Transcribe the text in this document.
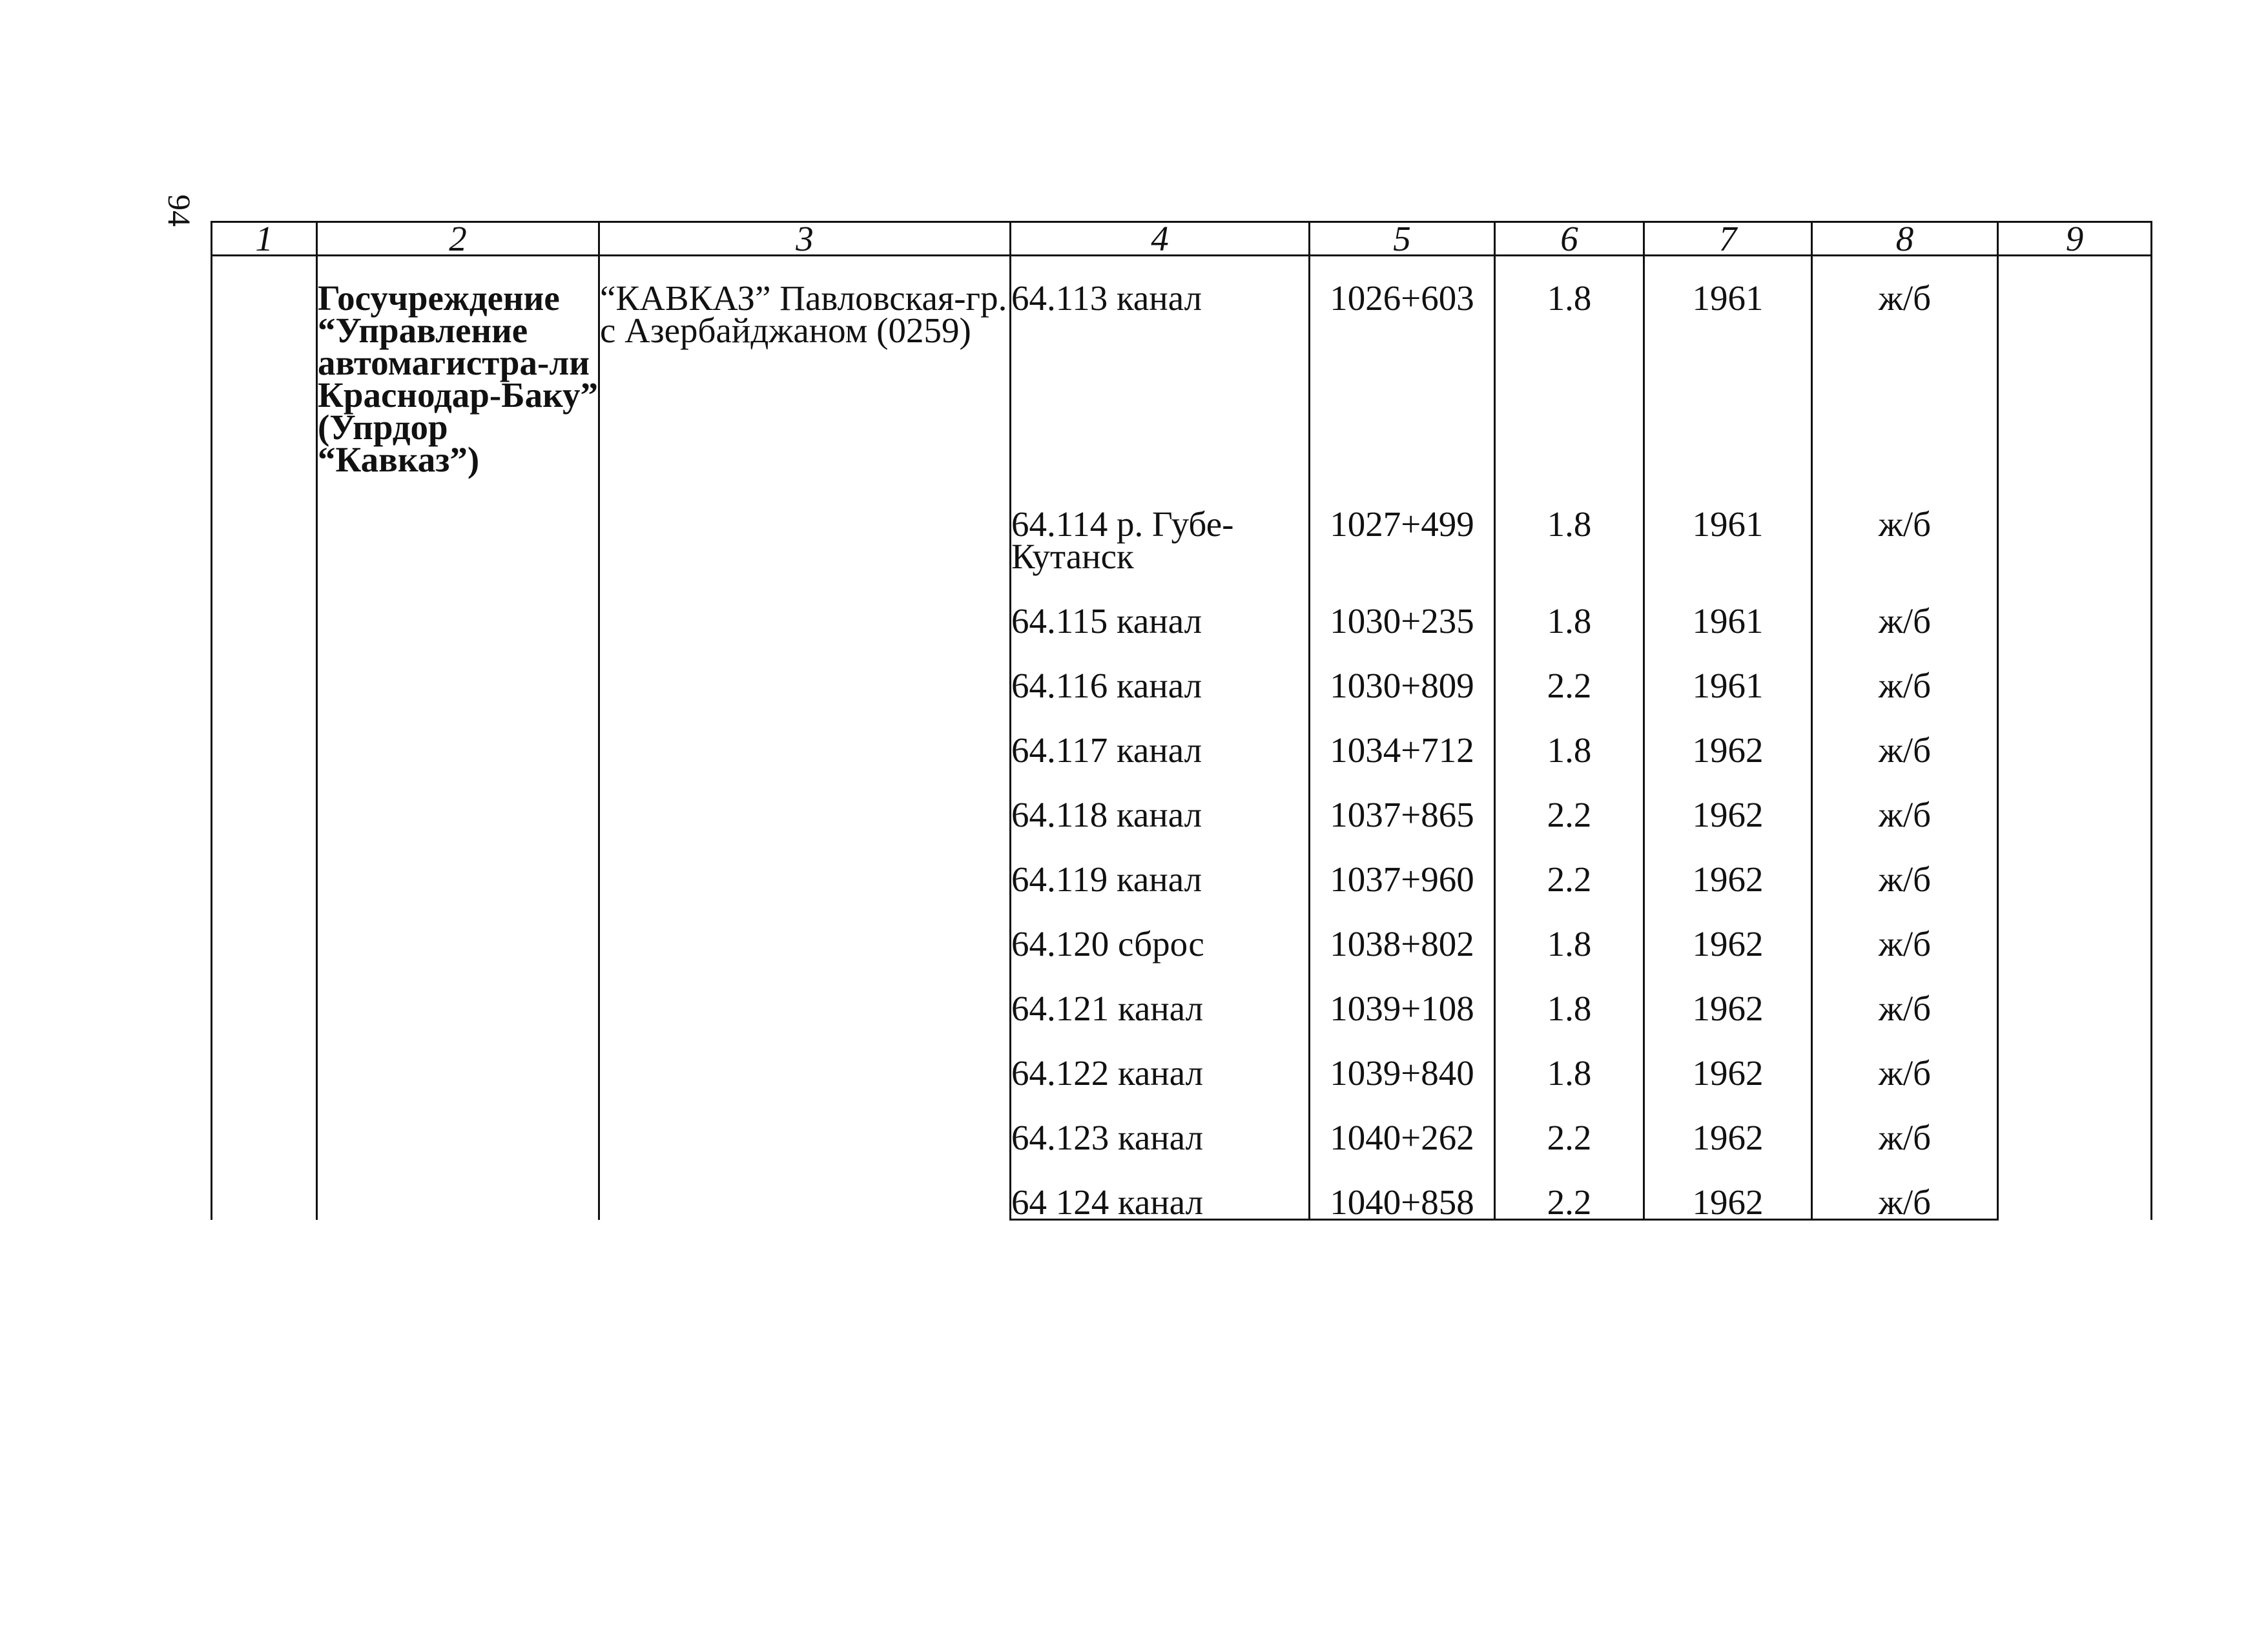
94
1	2	3	4	5	6	7	8	9

	Госучреждение “Управление автомагистра-ли Краснодар-Баку” (Упрдор “Кавказ”)	“КАВКАЗ” Павловская-гр. с Азербайджаном (0259)	64.113 канал	1026+603	1.8	1961	ж/б	
			64.114 р. Губе-Кутанск	1027+499	1.8	1961	ж/б	
			64.115 канал	1030+235	1.8	1961	ж/б	
			64.116 канал	1030+809	2.2	1961	ж/б	
			64.117 канал	1034+712	1.8	1962	ж/б	
			64.118 канал	1037+865	2.2	1962	ж/б	
			64.119 канал	1037+960	2.2	1962	ж/б	
			64.120 сброс	1038+802	1.8	1962	ж/б	
			64.121 канал	1039+108	1.8	1962	ж/б	
			64.122 канал	1039+840	1.8	1962	ж/б	
			64.123 канал	1040+262	2.2	1962	ж/б	
			64 124 канал	1040+858	2.2	1962	ж/б	
